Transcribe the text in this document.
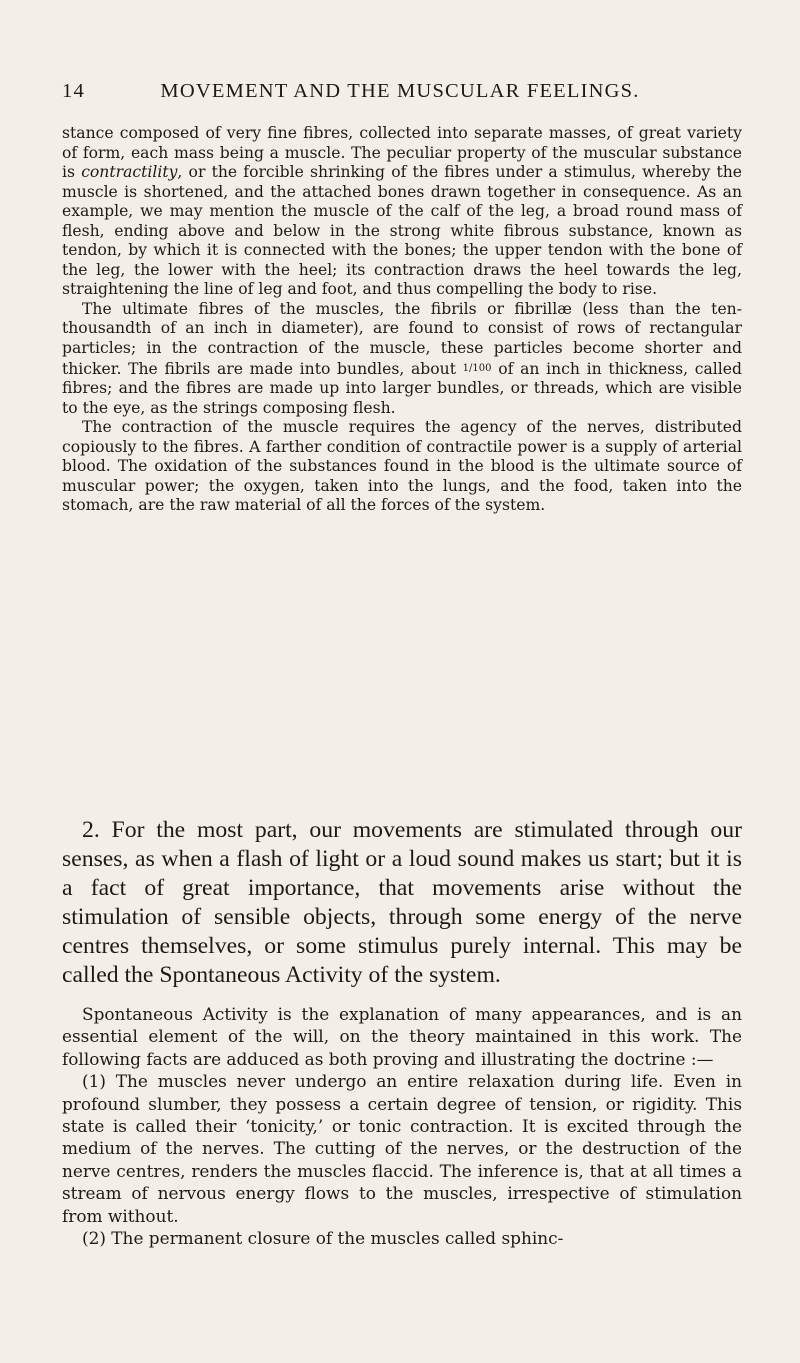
14	MOVEMENT AND THE MUSCULAR FEELINGS.

stance composed of very fine fibres, collected into separate masses, of great variety of form, each mass being a muscle. The peculiar property of the muscular substance is contractility, or the forcible shrinking of the fibres under a stimulus, whereby the muscle is shortened, and the attached bones drawn together in consequence. As an example, we may mention the muscle of the calf of the leg, a broad round mass of flesh, ending above and below in the strong white fibrous substance, known as tendon, by which it is connected with the bones; the upper tendon with the bone of the leg, the lower with the heel; its contraction draws the heel towards the leg, straightening the line of leg and foot, and thus compelling the body to rise.

The ultimate fibres of the muscles, the fibrils or fibrillæ (less than the ten-thousandth of an inch in diameter), are found to consist of rows of rectangular particles; in the contraction of the muscle, these particles become shorter and thicker. The fibrils are made into bundles, about 1/100 of an inch in thickness, called fibres; and the fibres are made up into larger bundles, or threads, which are visible to the eye, as the strings composing flesh.

The contraction of the muscle requires the agency of the nerves, distributed copiously to the fibres. A farther condition of contractile power is a supply of arterial blood. The oxidation of the substances found in the blood is the ultimate source of muscular power; the oxygen, taken into the lungs, and the food, taken into the stomach, are the raw material of all the forces of the system.

2. For the most part, our movements are stimulated through our senses, as when a flash of light or a loud sound makes us start; but it is a fact of great importance, that movements arise without the stimulation of sensible objects, through some energy of the nerve centres themselves, or some stimulus purely internal. This may be called the Spontaneous Activity of the system.

Spontaneous Activity is the explanation of many appearances, and is an essential element of the will, on the theory maintained in this work. The following facts are adduced as both proving and illustrating the doctrine :—

(1) The muscles never undergo an entire relaxation during life. Even in profound slumber, they possess a certain degree of tension, or rigidity. This state is called their ‘tonicity,’ or tonic contraction. It is excited through the medium of the nerves. The cutting of the nerves, or the destruction of the nerve centres, renders the muscles flaccid. The inference is, that at all times a stream of nervous energy flows to the muscles, irrespective of stimulation from without.

(2) The permanent closure of the muscles called sphinc-
